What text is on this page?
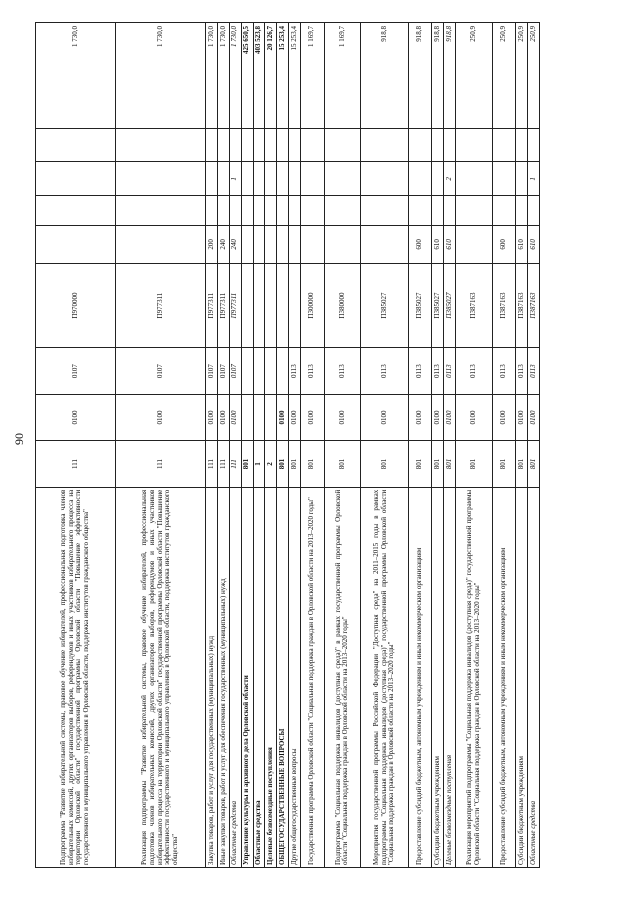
90
Подпрограмма "Развитие избирательной системы, правовое обучение избирателей, профессиональная подготовка членов избирательных комиссий, других организаторов выборов, референдумов и иных участников избирательного процесса на территории Орловской области" государственной программы Орловской области "Повышение эффективности государственного и муниципального управления в Орловской области, поддержка институтов гражданского общества"	111	0100	0107	П970000					1 730,0
Реализация подпрограммы "Развитие избирательной системы, правовое обучение избирателей, профессиональная подготовка членов избирательных комиссий, других организаторов выборов, референдумов и иных участников избирательного процесса на территории Орловской области" государственной программы Орловской области "Повышение эффективности государственного и муниципального управления в Орловской области, поддержка институтов гражданского общества"	111	0100	0107	П977311					1 730,0
Закупка товаров, работ и услуг для государственных (муниципальных) нужд	111	0100	0107	П977311	200				1 730,0
Иные закупки товаров, работ и услуг для обеспечения государственных (муниципальных) нужд	111	0100	0107	П977311	240				1 730,0
Областные средства	111	0100	0107	П977311	240		1		1 730,0
Управление культуры и архивного дела Орловской области	801								425 650,5
Областные средства	1								403 523,8
Целевые безвозмездные поступления	2								20 126,7
ОБЩЕГОСУДАРСТВЕННЫЕ ВОПРОСЫ	801	0100							15 253,4
Другие общегосударственные вопросы	801	0100	0113						15 253,4
Государственная программа Орловской области "Социальная поддержка граждан в Орловской области на 2013–2020 годы"	801	0100	0113	П300000					1 169,7
Подпрограмма "Социальная поддержка инвалидов (доступная среда)" в рамках государственной программы Орловской области "Социальная поддержка граждан в Орловской области на 2013–2020 годы"	801	0100	0113	П380000					1 169,7
Мероприятия государственной программы Российской Федерации "Доступная среда" на 2011–2015 годы в рамках подпрограммы "Социальная поддержка инвалидов (доступная среда)" государственной программы Орловской области "Социальная поддержка граждан в Орловской области на 2013–2020 годы"	801	0100	0113	П385027					918,8
Предоставление субсидий бюджетным, автономным учреждениям и иным некоммерческим организациям	801	0100	0113	П385027	600				918,8
Субсидии бюджетным учреждениям	801	0100	0113	П385027	610				918,8
Целевые безвозмездные поступления	801	0100	0113	П385027	610		2		918,8
Реализация мероприятий подпрограммы "Социальная поддержка инвалидов (доступная среда)" государственной программы Орловской области "Социальная поддержка граждан в Орловской области на 2013–2020 годы"	801	0100	0113	П387163					250,9
Предоставление субсидий бюджетным, автономным учреждениям и иным некоммерческим организациям	801	0100	0113	П387163	600				250,9
Субсидии бюджетным учреждениям	801	0100	0113	П387163	610				250,9
Областные средства	801	0100	0113	П387163	610		1		250,9
